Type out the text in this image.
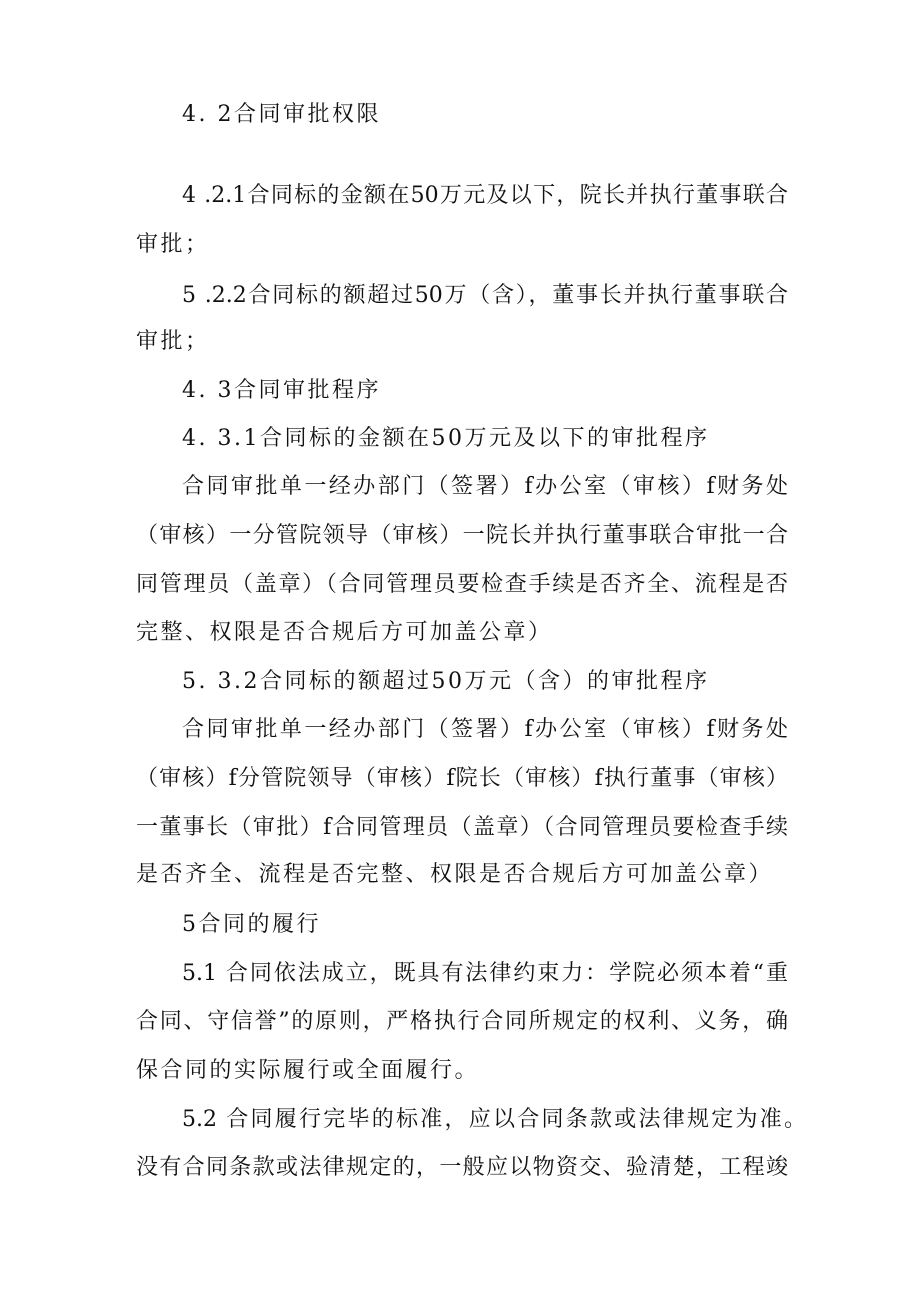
4. 2合同审批权限

4 .2.1合同标的金额在50万元及以下，院长并执行董事联合

审批；

5 .2.2合同标的额超过50万（含），董事长并执行董事联合

审批；

4. 3合同审批程序

4. 3.1合同标的金额在50万元及以下的审批程序

合同审批单一经办部门（签署）f办公室（审核）f财务处

（审核）一分管院领导（审核）一院长并执行董事联合审批一合

同管理员（盖章）（合同管理员要检查手续是否齐全、流程是否

完整、权限是否合规后方可加盖公章）

5. 3.2合同标的额超过50万元（含）的审批程序

合同审批单一经办部门（签署）f办公室（审核）f财务处

（审核）f分管院领导（审核）f院长（审核）f执行董事（审核）

一董事长（审批）f合同管理员（盖章）（合同管理员要检查手续

是否齐全、流程是否完整、权限是否合规后方可加盖公章）

5合同的履行

5.1 合同依法成立，既具有法律约束力：学院必须本着“重

合同、守信誉”的原则，严格执行合同所规定的权利、义务，确

保合同的实际履行或全面履行。

5.2 合同履行完毕的标准，应以合同条款或法律规定为准。

没有合同条款或法律规定的，一般应以物资交、验清楚，工程竣
